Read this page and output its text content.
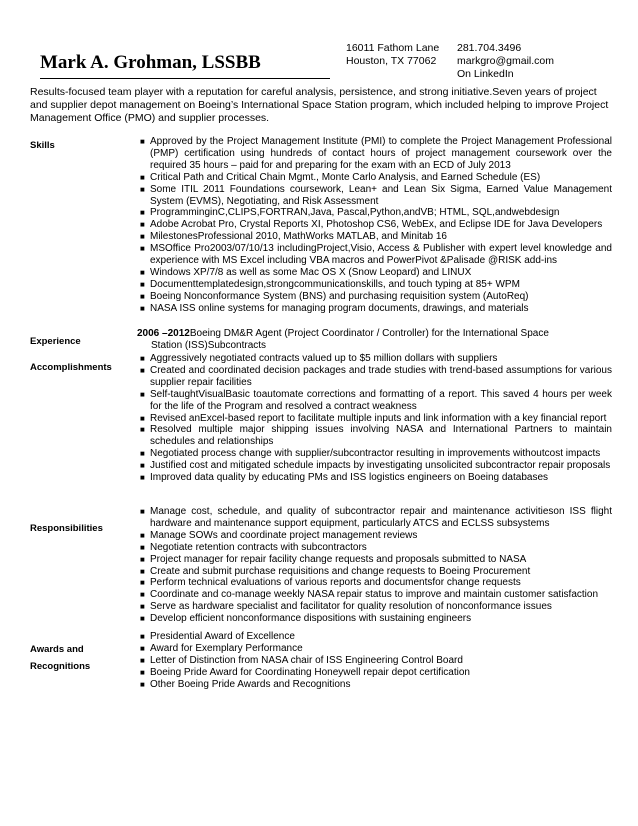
Mark A. Grohman, LSSBB
16011 Fathom Lane
Houston, TX 77062
281.704.3496
markgro@gmail.com
On LinkedIn
Results-focused team player with a reputation for careful analysis, persistence, and strong initiative.Seven years of project and supplier depot management on Boeing’s International Space Station program, which included helping to improve Project Management Office (PMO) and supplier processes.
Skills	■ Approved by the Project Management Institute (PMI) to complete the Project Management Professional (PMP) certification using hundreds of contact hours of project management coursework over the required 35 hours – paid for and preparing for the exam with an ECD of July 2013
■ Critical Path and Critical Chain Mgmt., Monte Carlo Analysis, and Earned Schedule (ES)
■ Some ITIL 2011 Foundations coursework, Lean+ and Lean Six Sigma, Earned Value Management System (EVMS), Negotiating, and Risk Assessment
■ ProgramminginC,CLIPS,FORTRAN,Java, Pascal,Python,andVB; HTML, SQL,andwebdesign
■ Adobe Acrobat Pro, Crystal Reports XI, Photoshop CS6, WebEx, and Eclipse IDE for Java Developers
■ MilestonesProfessional 2010, MathWorks MATLAB, and Minitab 16
■ MSOffice Pro2003/07/10/13 includingProject,Visio, Access & Publisher with expert level knowledge and experience with MS Excel including VBA macros and PowerPivot &Palisade @RISK add-ins
■ Windows XP/7/8 as well as some Mac OS X (Snow Leopard) and LINUX
■ Documenttemplatedesign,strongcommunicationskills, and touch typing at 85+ WPM
■ Boeing Nonconformance System (BNS) and purchasing requisition system (AutoReq)
■ NASA ISS online systems for managing program documents, drawings, and materials
Experience
2006 –2012Boeing DM&R Agent (Project Coordinator / Controller) for the International Space
Station (ISS)Subcontracts
Accomplishments
■ Aggressively negotiated contracts valued up to $5 million dollars with suppliers
■ Created and coordinated decision packages and trade studies with trend-based assumptions for various supplier repair facilities
■ Self-taughtVisualBasic toautomate corrections and formatting of a report. This saved 4 hours per week for the life of the Program and resolved a contract weakness
■ Revised anExcel-based report to facilitate multiple inputs and link information with a key financial report
■ Resolved multiple major shipping issues involving NASA and International Partners to maintain schedules and relationships
■ Negotiated process change with supplier/subcontractor resulting in improvements withoutcost impacts
■ Justified cost and mitigated schedule impacts by investigating unsolicited subcontractor repair proposals
■ Improved data quality by educating PMs and ISS logistics engineers on Boeing databases
Responsibilities
■ Manage cost, schedule, and quality of subcontractor repair and maintenance activitieson ISS flight hardware and maintenance support equipment, particularly ATCS and ECLSS subsystems
■ Manage SOWs and coordinate project management reviews
■ Negotiate retention contracts with subcontractors
■ Project manager for repair facility change requests and proposals submitted to NASA
■ Create and submit purchase requisitions and change requests to Boeing Procurement
■ Perform technical evaluations of various reports and documentsfor change requests
■ Coordinate and co-manage weekly NASA repair status to improve and maintain customer satisfaction
■ Serve as hardware specialist and facilitator for quality resolution of nonconformance issues
■ Develop efficient nonconformance dispositions with sustaining engineers
Awards and
Recognitions
■ Presidential Award of Excellence
■ Award for Exemplary Performance
■ Letter of Distinction from NASA chair of ISS Engineering Control Board
■ Boeing Pride Award for Coordinating Honeywell repair depot certification
■ Other Boeing Pride Awards and Recognitions
